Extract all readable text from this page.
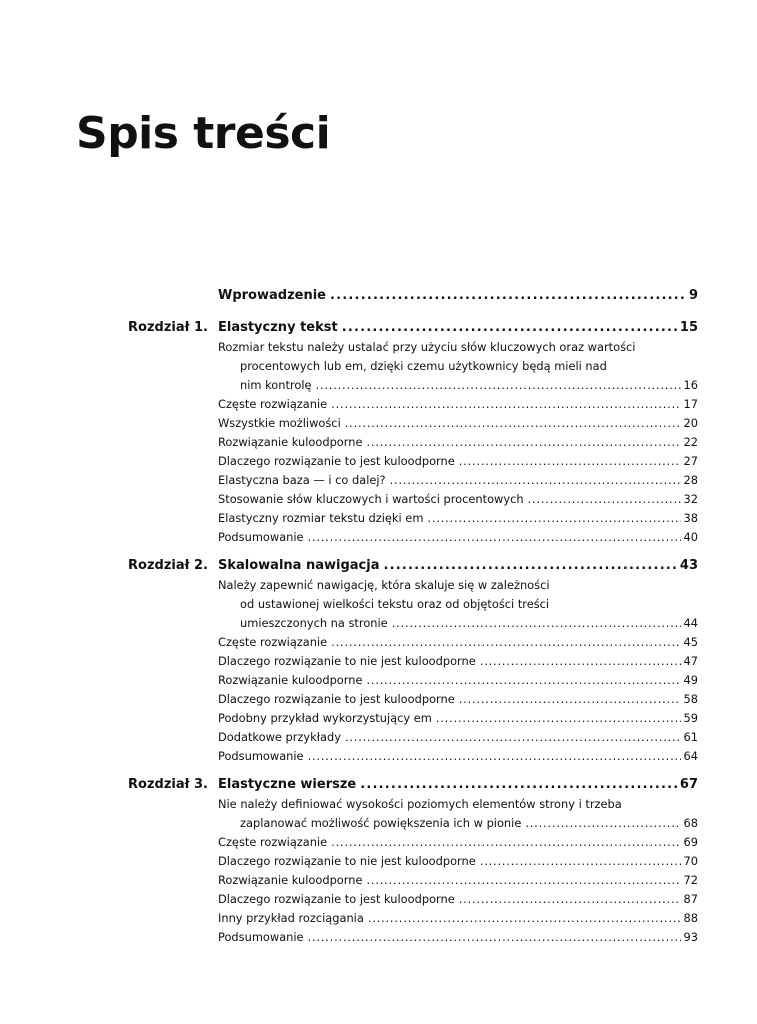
Spis treści
Wprowadzenie .....	9
Rozdział 1. Elastyczny tekst .....	15
Rozmiar tekstu należy ustalać przy użyciu słów kluczowych oraz wartości
procentowych lub em, dzięki czemu użytkownicy będą mieli nad
nim kontrolę .....	16
Częste rozwiązanie .....	17
Wszystkie możliwości .....	20
Rozwiązanie kuloodporne .....	22
Dlaczego rozwiązanie to jest kuloodporne .....	27
Elastyczna baza — i co dalej? .....	28
Stosowanie słów kluczowych i wartości procentowych .....	32
Elastyczny rozmiar tekstu dzięki em .....	38
Podsumowanie .....	40
Rozdział 2. Skalowalna nawigacja .....	43
Należy zapewnić nawigację, która skaluje się w zależności
od ustawionej wielkości tekstu oraz od objętości treści
umieszczonych na stronie .....	44
Częste rozwiązanie .....	45
Dlaczego rozwiązanie to nie jest kuloodporne .....	47
Rozwiązanie kuloodporne .....	49
Dlaczego rozwiązanie to jest kuloodporne .....	58
Podobny przykład wykorzystujący em .....	59
Dodatkowe przykłady .....	61
Podsumowanie .....	64
Rozdział 3. Elastyczne wiersze .....	67
Nie należy definiować wysokości poziomych elementów strony i trzeba
zaplanować możliwość powiększenia ich w pionie .....	68
Częste rozwiązanie .....	69
Dlaczego rozwiązanie to nie jest kuloodporne .....	70
Rozwiązanie kuloodporne .....	72
Dlaczego rozwiązanie to jest kuloodporne .....	87
Inny przykład rozciągania .....	88
Podsumowanie .....	93
